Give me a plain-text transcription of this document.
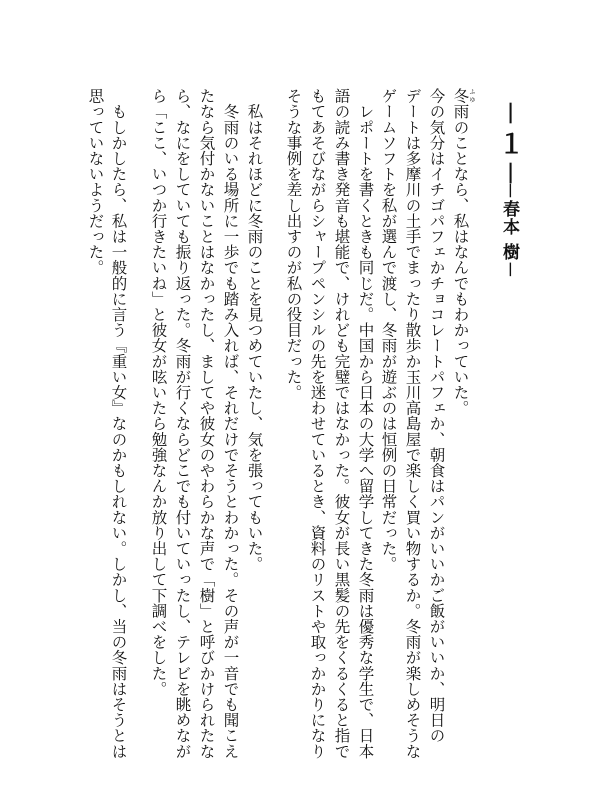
－１－
－春本 樹－
冬ふゆ雨のことなら、私はなんでもわかっていた。
今の気分はイチゴパフェかチョコレートパフェか、朝食はパンがいいかご飯がいいか、明日の
デートは多摩川の土手でまったり散歩か玉川高島屋で楽しく買い物するか。冬雨が楽しめそうな
ゲームソフトを私が選んで渡し、冬雨が遊ぶのは恒例の日常だった。
　レポートを書くときも同じだ。中国から日本の大学へ留学してきた冬雨は優秀な学生で、日本
語の読み書き発音も堪能で、けれども完璧ではなかった。彼女が長い黒髪の先をくるくると指で
もてあそびながらシャープペンシルの先を迷わせているとき、資料のリストや取っかかりになり
そうな事例を差し出すのが私の役目だった。
　私はそれほどに冬雨のことを見つめていたし、気を張ってもいた。
　冬雨のいる場所に一歩でも踏み入れば、それだけでそうとわかった。その声が一音でも聞こえ
たなら気付かないことはなかったし、ましてや彼女のやわらかな声で「樹」と呼びかけられたな
ら、なにをしていても振り返った。冬雨が行くならどこでも付いていったし、テレビを眺めなが
ら「ここ、いつか行きたいね」と彼女が呟いたら勉強なんか放り出して下調べをした。
　もしかしたら、私は一般的に言う『重い女』なのかもしれない。しかし、当の冬雨はそうとは
思っていないようだった。
